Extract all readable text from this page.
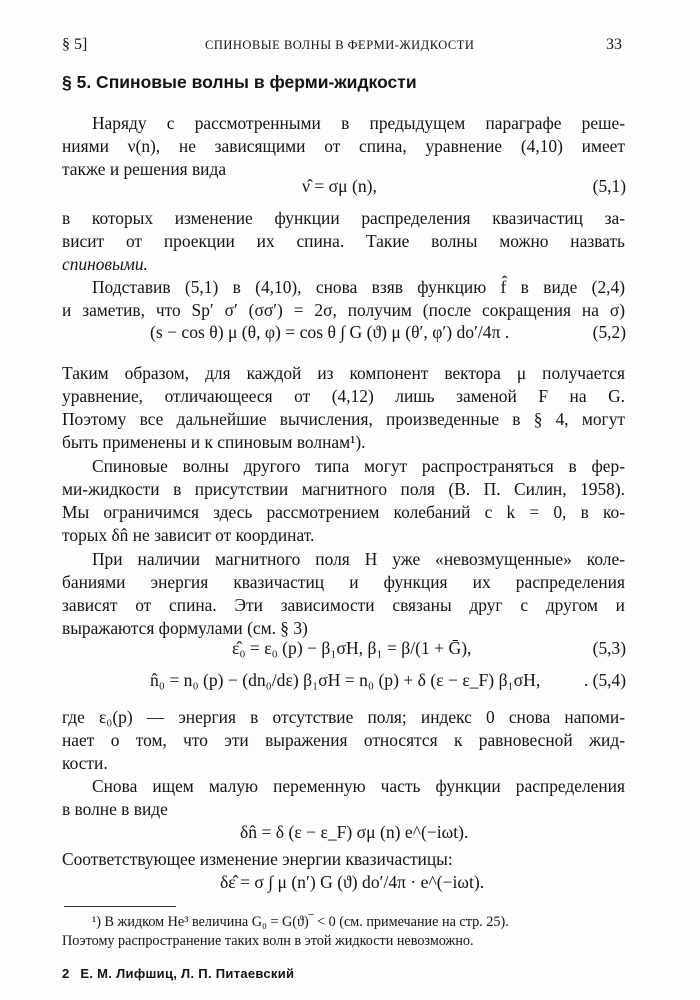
§ 5]	СПИНОВЫЕ ВОЛНЫ В ФЕРМИ-ЖИДКОСТИ	33
§ 5. Спиновые волны в ферми-жидкости
Наряду с рассмотренными в предыдущем параграфе реше-
ниями ν(n), не зависящими от спина, уравнение (4,10) имеет
также и решения вида
ν̂ = σμ (n),	(5,1)
в которых изменение функции распределения квазичастиц за-
висит от проекции их спина. Такие волны можно назвать
спиновыми.
Подставив (5,1) в (4,10), снова взяв функцию f̂ в виде (2,4)
и заметив, что Sp′ σ′ (σσ′) = 2σ, получим (после сокращения на σ)
(s − cos θ) μ (θ, φ) = cos θ ∫ G (ϑ) μ (θ′, φ′) do′/4π .	(5,2)
Таким образом, для каждой из компонент вектора μ получается
уравнение, отличающееся от (4,12) лишь заменой F на G.
Поэтому все дальнейшие вычисления, произведенные в § 4, могут
быть применены и к спиновым волнам¹).
Спиновые волны другого типа могут распространяться в фер-
ми-жидкости в присутствии магнитного поля (В. П. Силин, 1958).
Мы ограничимся здесь рассмотрением колебаний с k = 0, в ко-
торых δn̂ не зависит от координат.
При наличии магнитного поля H уже «невозмущенные» коле-
баниями энергия квазичастиц и функция их распределения
зависят от спина. Эти зависимости связаны друг с другом и
выражаются формулами (см. § 3)
ε̂₀ = ε₀ (p) − β₁σH, β₁ = β/(1 + Ḡ),	(5,3)
n̂₀ = n₀ (p) − (dn₀/dε) β₁σH = n₀ (p) + δ (ε − ε_F) β₁σH,	. (5,4)
где ε₀(p) — энергия в отсутствие поля; индекс 0 снова напоми-
нает о том, что эти выражения относятся к равновесной жид-
кости.
Снова ищем малую переменную часть функции распределения
в волне в виде
δn̂ = δ (ε − ε_F) σμ (n) e^(−iωt).
Соответствующее изменение энергии квазичастицы:
δε̂ = σ ∫ μ (n′) G (ϑ) do′/4π · e^(−iωt).
¹) В жидком He³ величина G₀ = G(ϑ)‾ < 0 (см. примечание на стр. 25).
Поэтому распространение таких волн в этой жидкости невозможно.
2 Е. М. Лифшиц, Л. П. Питаевский
